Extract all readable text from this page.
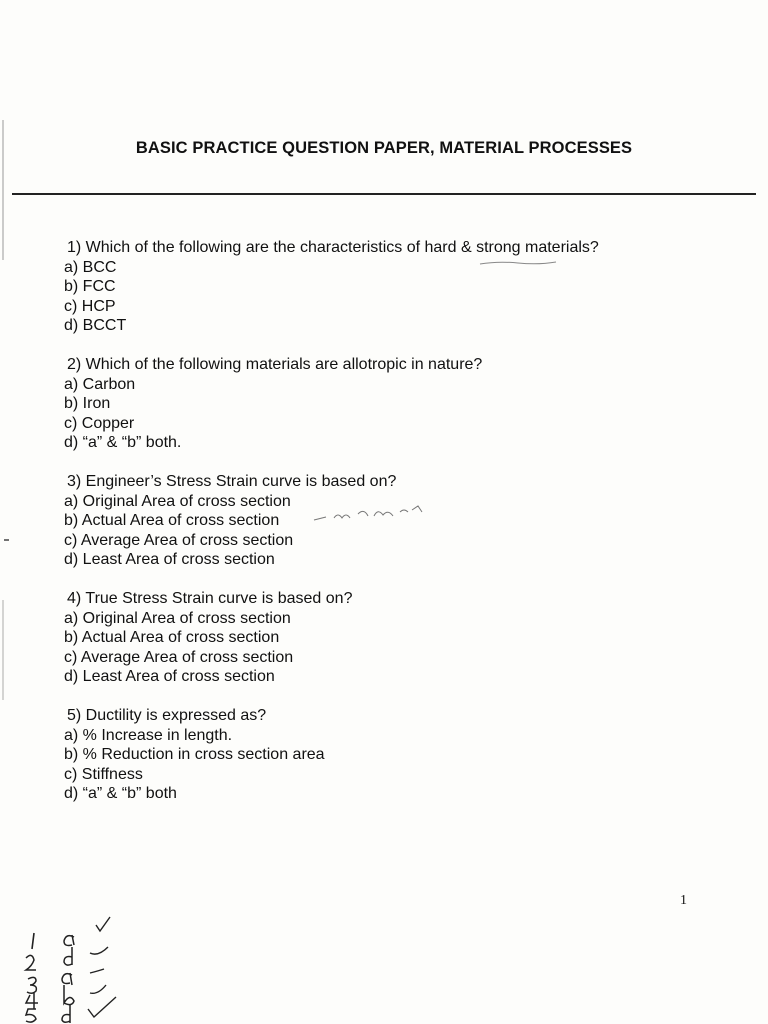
BASIC PRACTICE QUESTION PAPER, MATERIAL PROCESSES
1) Which of the following are the characteristics of hard & strong materials?
a) BCC
b) FCC
c) HCP
d) BCCT
2) Which of the following materials are allotropic in nature?
a) Carbon
b) Iron
c) Copper
d) “a” & “b” both.
3) Engineer’s Stress Strain curve is based on?
a) Original Area of cross section
b) Actual Area of cross section
c) Average Area of cross section
d) Least Area of cross section
4) True Stress Strain curve is based on?
a) Original Area of cross section
b) Actual Area of cross section
c) Average Area of cross section
d) Least Area of cross section
5) Ductility is expressed as?
a) % Increase in length.
b) % Reduction in cross section area
c) Stiffness
d) “a” & “b” both
1
